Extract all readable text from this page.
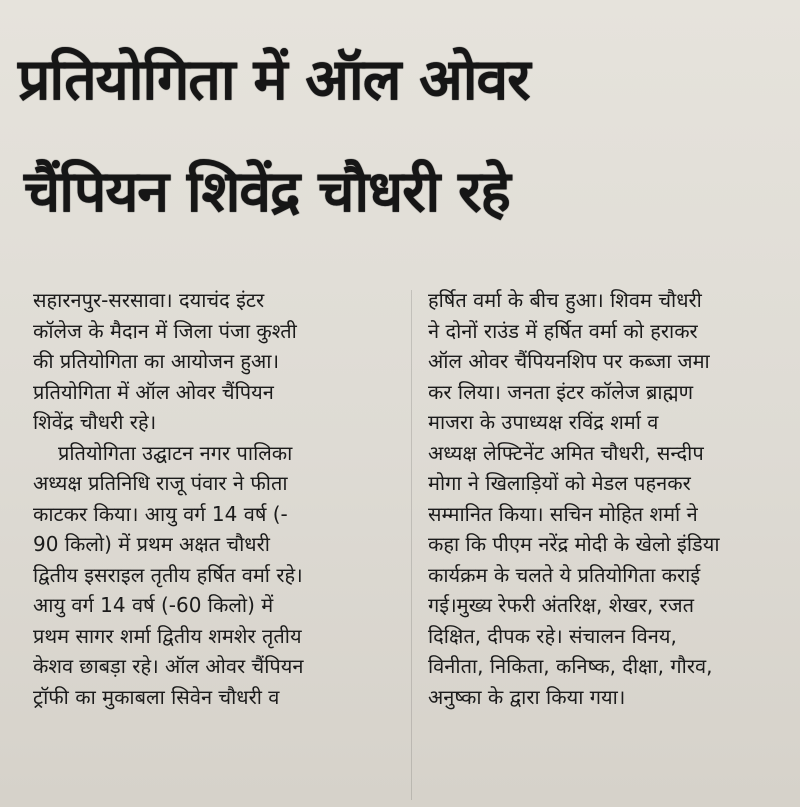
प्रतियोगिता में ऑल ओवर
चैंपियन शिवेंद्र चौधरी रहे
सहारनपुर-सरसावा। दयाचंद इंटर
कॉलेज के मैदान में जिला पंजा कुश्ती
की प्रतियोगिता का आयोजन हुआ।
प्रतियोगिता में ऑल ओवर चैंपियन
शिवेंद्र चौधरी रहे।
प्रतियोगिता उद्घाटन नगर पालिका
अध्यक्ष प्रतिनिधि राजू पंवार ने फीता
काटकर किया। आयु वर्ग 14 वर्ष (-
90 किलो) में प्रथम अक्षत चौधरी
द्वितीय इसराइल तृतीय हर्षित वर्मा रहे।
आयु वर्ग 14 वर्ष (-60 किलो) में
प्रथम सागर शर्मा द्वितीय शमशेर तृतीय
केशव छाबड़ा रहे। ऑल ओवर चैंपियन
ट्रॉफी का मुकाबला सिवेन चौधरी व
हर्षित वर्मा के बीच हुआ। शिवम चौधरी
ने दोनों राउंड में हर्षित वर्मा को हराकर
ऑल ओवर चैंपियनशिप पर कब्जा जमा
कर लिया। जनता इंटर कॉलेज ब्राह्मण
माजरा के उपाध्यक्ष रविंद्र शर्मा व
अध्यक्ष लेफ्टिनेंट अमित चौधरी, सन्दीप
मोगा ने खिलाड़ियों को मेडल पहनकर
सम्मानित किया। सचिन मोहित शर्मा ने
कहा कि पीएम नरेंद्र मोदी के खेलो इंडिया
कार्यक्रम के चलते ये प्रतियोगिता कराई
गई।मुख्य रेफरी अंतरिक्ष, शेखर, रजत
दिक्षित, दीपक रहे। संचालन विनय,
विनीता, निकिता, कनिष्क, दीक्षा, गौरव,
अनुष्का के द्वारा किया गया।
